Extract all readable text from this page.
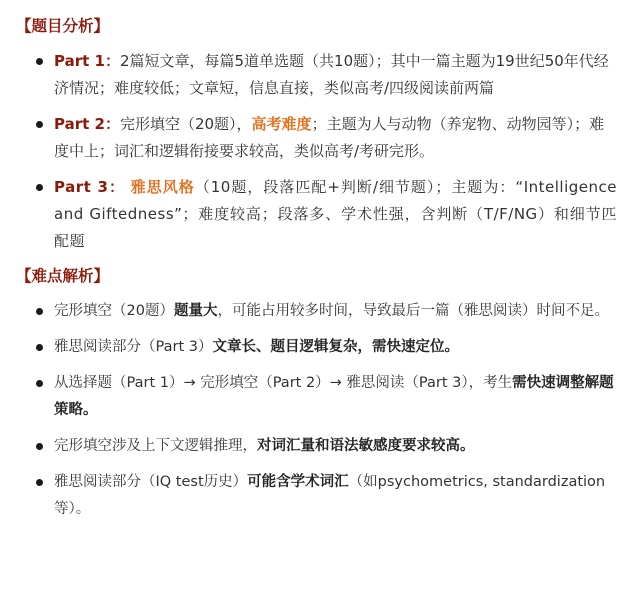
【题目分析】
Part 1：2篇短文章，每篇5道单选题（共10题）；其中一篇主题为19世纪50年代经济情况；难度较低；文章短，信息直接，类似高考/四级阅读前两篇
Part 2：完形填空（20题），高考难度；主题为人与动物（养宠物、动物园等）；难度中上；词汇和逻辑衔接要求较高，类似高考/考研完形。
Part 3： 雅思风格（10题，段落匹配+判断/细节题）；主题为：“Intelligence and Giftedness”；难度较高；段落多、学术性强，含判断（T/F/NG）和细节匹配题
【难点解析】
完形填空（20题）题量大，可能占用较多时间，导致最后一篇（雅思阅读）时间不足。
雅思阅读部分（Part 3）文章长、题目逻辑复杂，需快速定位。
从选择题（Part 1）→ 完形填空（Part 2）→ 雅思阅读（Part 3），考生需快速调整解题策略。
完形填空涉及上下文逻辑推理，对词汇量和语法敏感度要求较高。
雅思阅读部分（IQ test历史）可能含学术词汇（如psychometrics, standardization等）。
